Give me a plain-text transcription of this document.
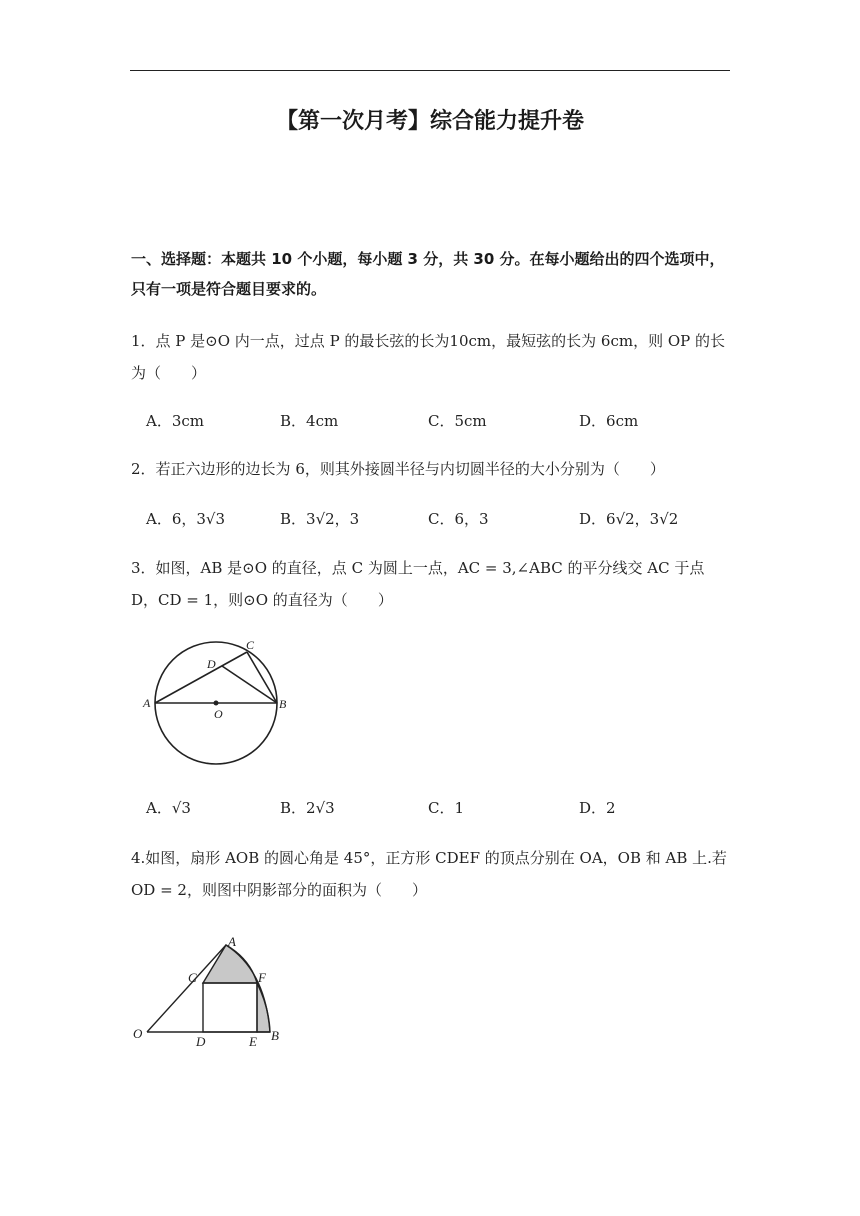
【第一次月考】综合能力提升卷
一、选择题：本题共 10 个小题，每小题 3 分，共 30 分。在每小题给出的四个选项中，只有一项是符合题目要求的。
1．点 P 是⊙O 内一点，过点 P 的最长弦的长为10cm，最短弦的长为 6cm，则 OP 的长为（　　）
A．3cm	B．4cm	C．5cm	D．6cm
2．若正六边形的边长为 6，则其外接圆半径与内切圆半径的大小分别为（　　）
A．6，3√3	B．3√2，3	C．6，3	D．6√2，3√2
3．如图，AB 是⊙O 的直径，点 C 为圆上一点，AC = 3,∠ABC 的平分线交 AC 于点 D，CD = 1，则⊙O 的直径为（　　）
A	B
C
D
O
A．√3	B．2√3	C．1	D．2
4.如图，扇形 AOB 的圆心角是 45°，正方形 CDEF 的顶点分别在 OA，OB 和 AB 上.若 OD = 2，则图中阴影部分的面积为（　　）
A
C	F
O
D	E B
